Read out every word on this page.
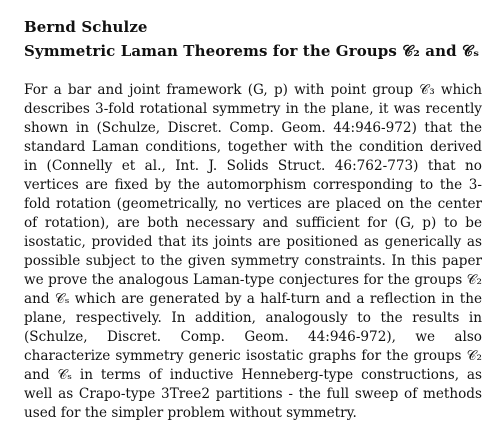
Bernd Schulze
Symmetric Laman Theorems for the Groups 𝒞₂ and 𝒞ₛ

For a bar and joint framework (G, p) with point group 𝒞₃ which describes 3-fold rotational symmetry in the plane, it was recently shown in (Schulze, Discret. Comp. Geom. 44:946-972) that the standard Laman conditions, together with the condition derived in (Connelly et al., Int. J. Solids Struct. 46:762-773) that no vertices are fixed by the automorphism corresponding to the 3-fold rotation (geometrically, no vertices are placed on the center of rotation), are both necessary and sufficient for (G, p) to be isostatic, provided that its joints are positioned as generically as possible subject to the given symmetry constraints. In this paper we prove the analogous Laman-type conjectures for the groups 𝒞₂ and 𝒞ₛ which are generated by a half-turn and a reflection in the plane, respectively. In addition, analogously to the results in (Schulze, Discret. Comp. Geom. 44:946-972), we also characterize symmetry generic isostatic graphs for the groups 𝒞₂ and 𝒞ₛ in terms of inductive Henneberg-type constructions, as well as Crapo-type 3Tree2 partitions - the full sweep of methods used for the simpler problem without symmetry.
